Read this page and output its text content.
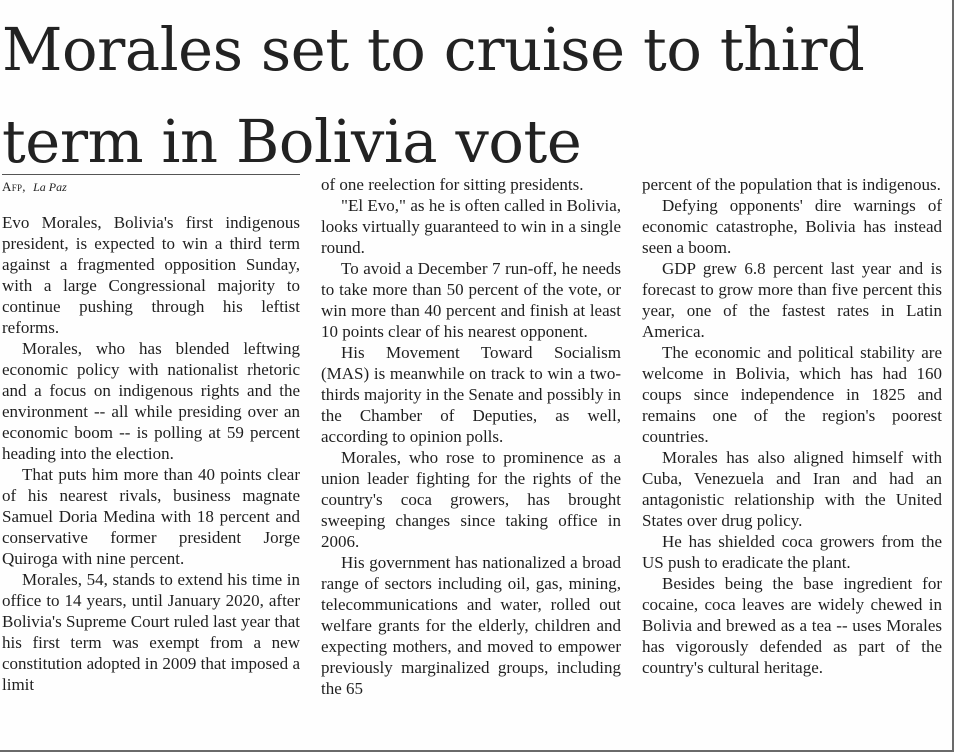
Morales set to cruise to third
term in Bolivia vote
Afp, La Paz

Evo Morales, Bolivia's first indigenous president, is expected to win a third term against a fragmented opposition Sunday, with a large Congressional majority to continue pushing through his leftist reforms.

Morales, who has blended leftwing economic policy with nationalist rhetoric and a focus on indigenous rights and the environment -- all while presiding over an economic boom -- is polling at 59 percent heading into the election.

That puts him more than 40 points clear of his nearest rivals, business magnate Samuel Doria Medina with 18 percent and conservative former president Jorge Quiroga with nine percent.

Morales, 54, stands to extend his time in office to 14 years, until January 2020, after Bolivia's Supreme Court ruled last year that his first term was exempt from a new constitution adopted in 2009 that imposed a limit

of one reelection for sitting presidents.

"El Evo," as he is often called in Bolivia, looks virtually guaranteed to win in a single round.

To avoid a December 7 run-off, he needs to take more than 50 percent of the vote, or win more than 40 percent and finish at least 10 points clear of his nearest opponent.

His Movement Toward Socialism (MAS) is meanwhile on track to win a two-thirds majority in the Senate and possibly in the Chamber of Deputies, as well, according to opinion polls.

Morales, who rose to prominence as a union leader fighting for the rights of the country's coca growers, has brought sweeping changes since taking office in 2006.

His government has nationalized a broad range of sectors including oil, gas, mining, telecommunications and water, rolled out welfare grants for the elderly, children and expecting mothers, and moved to empower previously marginalized groups, including the 65

percent of the population that is indigenous.

Defying opponents' dire warnings of economic catastrophe, Bolivia has instead seen a boom.

GDP grew 6.8 percent last year and is forecast to grow more than five percent this year, one of the fastest rates in Latin America.

The economic and political stability are welcome in Bolivia, which has had 160 coups since independence in 1825 and remains one of the region's poorest countries.

Morales has also aligned himself with Cuba, Venezuela and Iran and had an antagonistic relationship with the United States over drug policy.

He has shielded coca growers from the US push to eradicate the plant.

Besides being the base ingredient for cocaine, coca leaves are widely chewed in Bolivia and brewed as a tea -- uses Morales has vigorously defended as part of the country's cultural heritage.
